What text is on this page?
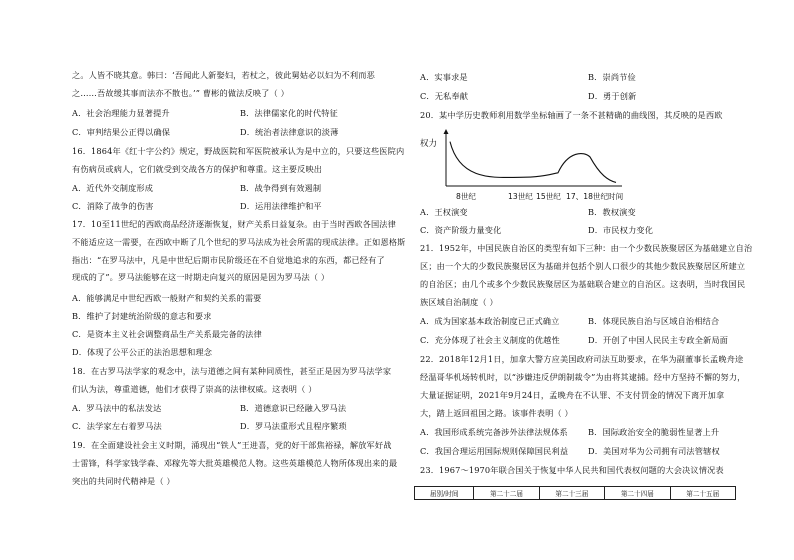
之。人皆不晓其意。韩曰：‘吾闻此人新娶妇，若杖之，彼此舅姑必以妇为不利而恶
之……吾故缓其事而法亦不散也。’” 曹彬的做法反映了（ ）
A．社会治理能力显著提升	B．法律儒家化的时代特征
C．审判结果公正得以确保	D．统治者法律意识的淡薄
16．1864年《红十字公约》规定，野战医院和军医院被承认为是中立的，只要这些医院内
有伤病员或病人，它们就受到交战各方的保护和尊重。这主要反映出
A．近代外交制度形成	B．战争得到有效遏制
C．消除了战争的伤害	D．运用法律维护和平
17．10至11世纪的西欧商品经济逐渐恢复，财产关系日益复杂。由于当时西欧各国法律
不能适应这一需要，在西欧中断了几个世纪的罗马法成为社会所需的现成法律。正如恩格斯
指出：“在罗马法中，凡是中世纪后期市民阶级还在不自觉地追求的东西，都已经有了
现成的了”。罗马法能够在这一时期走向复兴的原因是因为罗马法（ ）
A．能够满足中世纪西欧一般财产和契约关系的需要
B．维护了封建统治阶级的意志和要求
C．是资本主义社会调整商品生产关系最完备的法律
D．体现了公平公正的法治思想和理念
18．在古罗马法学家的观念中，法与道德之间有某种同质性，甚至正是因为罗马法学家
们认为法，尊重道德，他们才获得了崇高的法律权威。这表明（ ）
A．罗马法中的私法发达	B．道德意识已经融入罗马法
C．法学家左右着罗马法	D．罗马法重形式且程序繁琐
19．在全面建设社会主义时期，涌现出“铁人”王进喜，党的好干部焦裕禄，解放军好战
士雷锋，科学家钱学森、邓稼先等大批英雄模范人物。这些英雄模范人物所体现出来的最
突出的共同时代精神是（ ）
A．实事求是	B．崇尚节俭
C．无私奉献	D．勇于创新
20．某中学历史教师利用数学坐标轴画了一条不甚精确的曲线图，其反映的是西欧
权力
8世纪	13世纪 15世纪 17、18世纪 时间
A．王权演变	B．教权演变
C．资产阶级力量变化	D．市民权力变化
21．1952年，中国民族自治区的类型有如下三种：由一个少数民族聚居区为基础建立自治
区；由一个大的少数民族聚居区为基础并包括个别人口很少的其他少数民族聚居区所建立
的自治区；由几个或多个少数民族聚居区为基础联合建立的自治区。这表明，当时我国民
族区域自治制度（ ）
A．成为国家基本政治制度已正式确立	B．体现民族自治与区域自治相结合
C．充分体现了社会主义制度的优越性	D．开创了中国人民民主专政全新局面
22．2018年12月1日，加拿大警方应美国政府司法互助要求，在华为副董事长孟晚舟途
经温哥华机场转机时，以“涉嫌违反伊朗制裁令”为由将其逮捕。经中方坚持不懈的努力，
大量证据证明，2021年9月24日，孟晚舟在不认罪、不支付罚金的情况下离开加拿
大，踏上返回祖国之路。该事件表明（ ）
A．我国形成系统完备涉外法律法规体系 B．国际政治安全的脆弱性显著上升
C．我国合理运用国际规则保障国民利益 D．美国对华为公司拥有司法管辖权
23．1967～1970年联合国关于恢复中华人民共和国代表权问题的大会决议情况表
届别/时间	第二十二届	第二十三届	第二十四届	第二十五届
